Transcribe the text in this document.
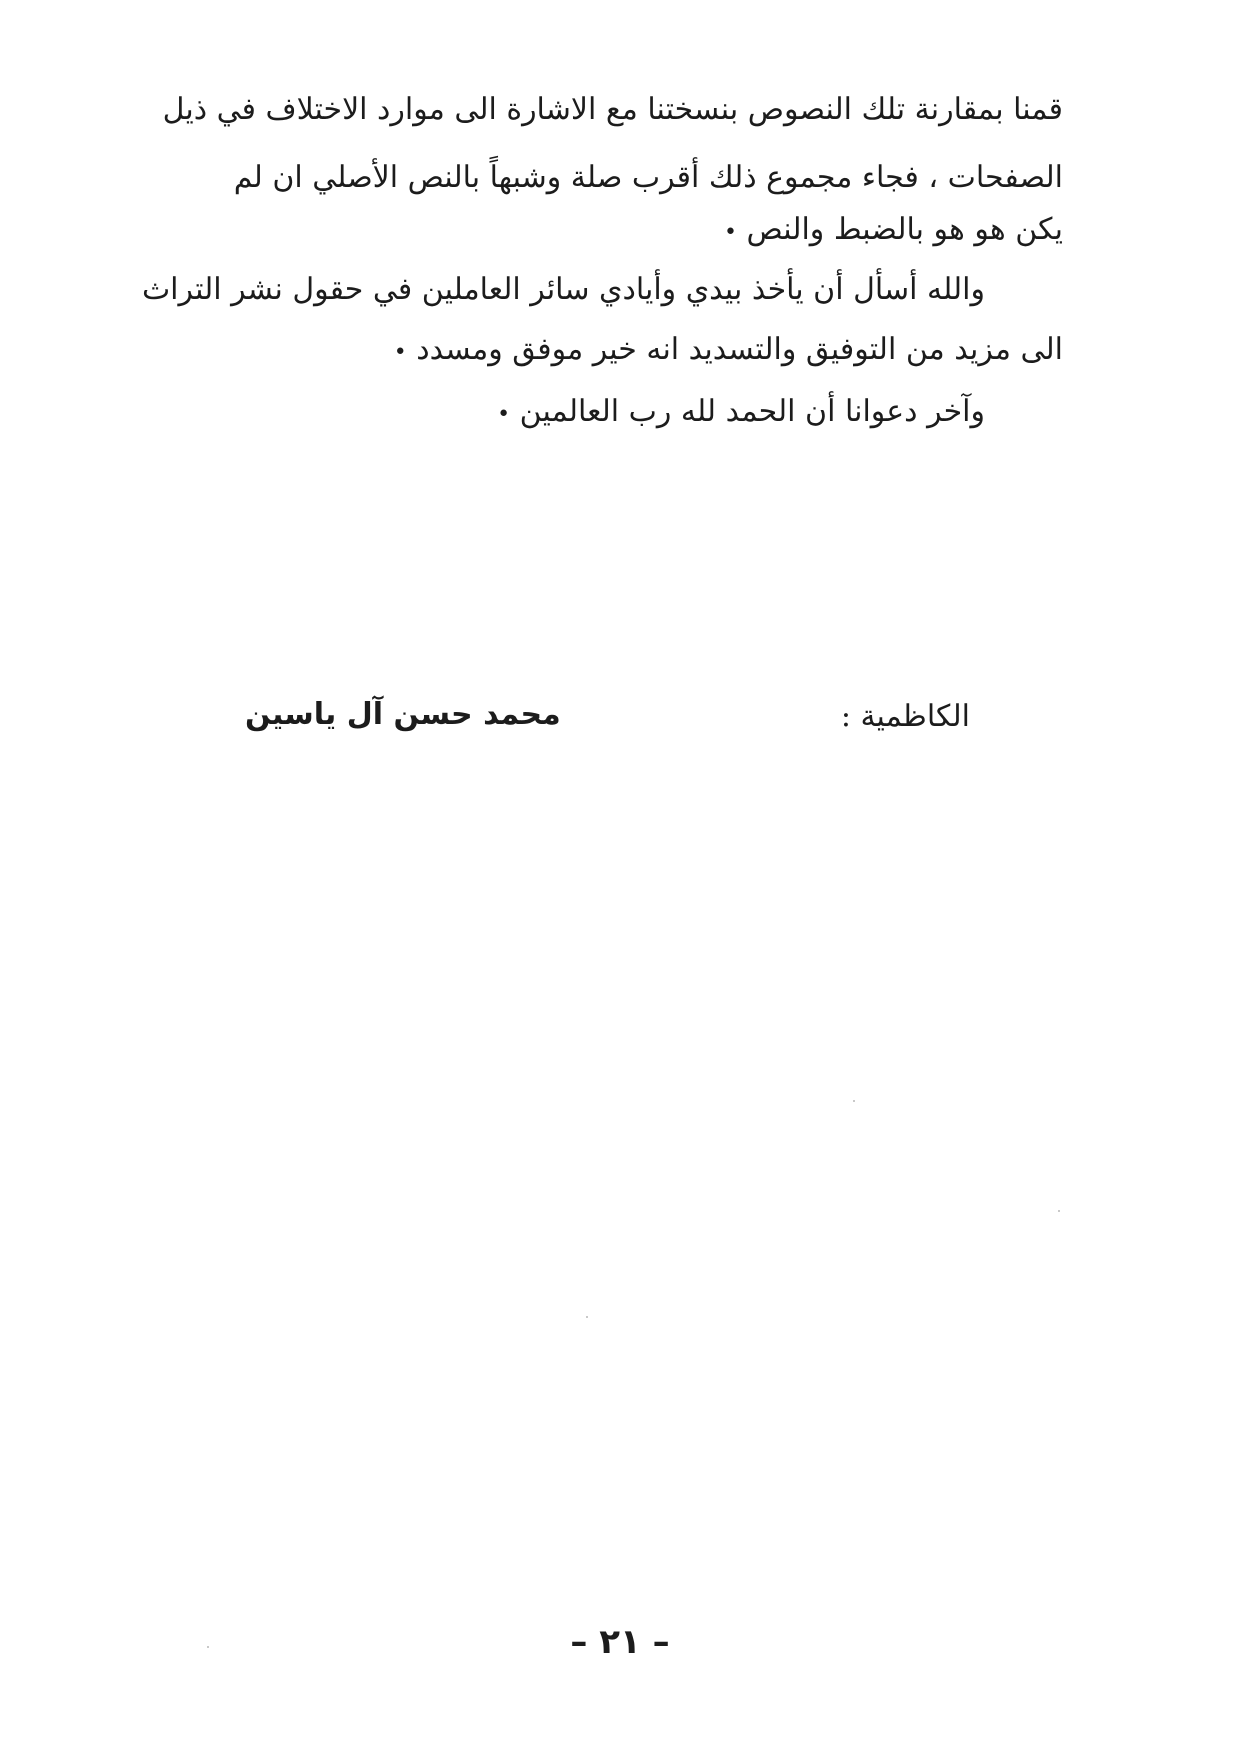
قمنا بمقارنة تلك النصوص بنسختنا مع الاشارة الى موارد الاختلاف في ذيل
الصفحات ، فجاء مجموع ذلك أقرب صلة وشبهاً بالنص الأصلي ان لم
يكن هو هو بالضبط والنص •
والله أسأل أن يأخذ بيدي وأيادي سائر العاملين في حقول نشر التراث
الى مزيد من التوفيق والتسديد انه خير موفق ومسدد •
وآخر دعوانا أن الحمد لله رب العالمين •
الكاظمية :
محمد حسن آل ياسين
– ٢١ –
